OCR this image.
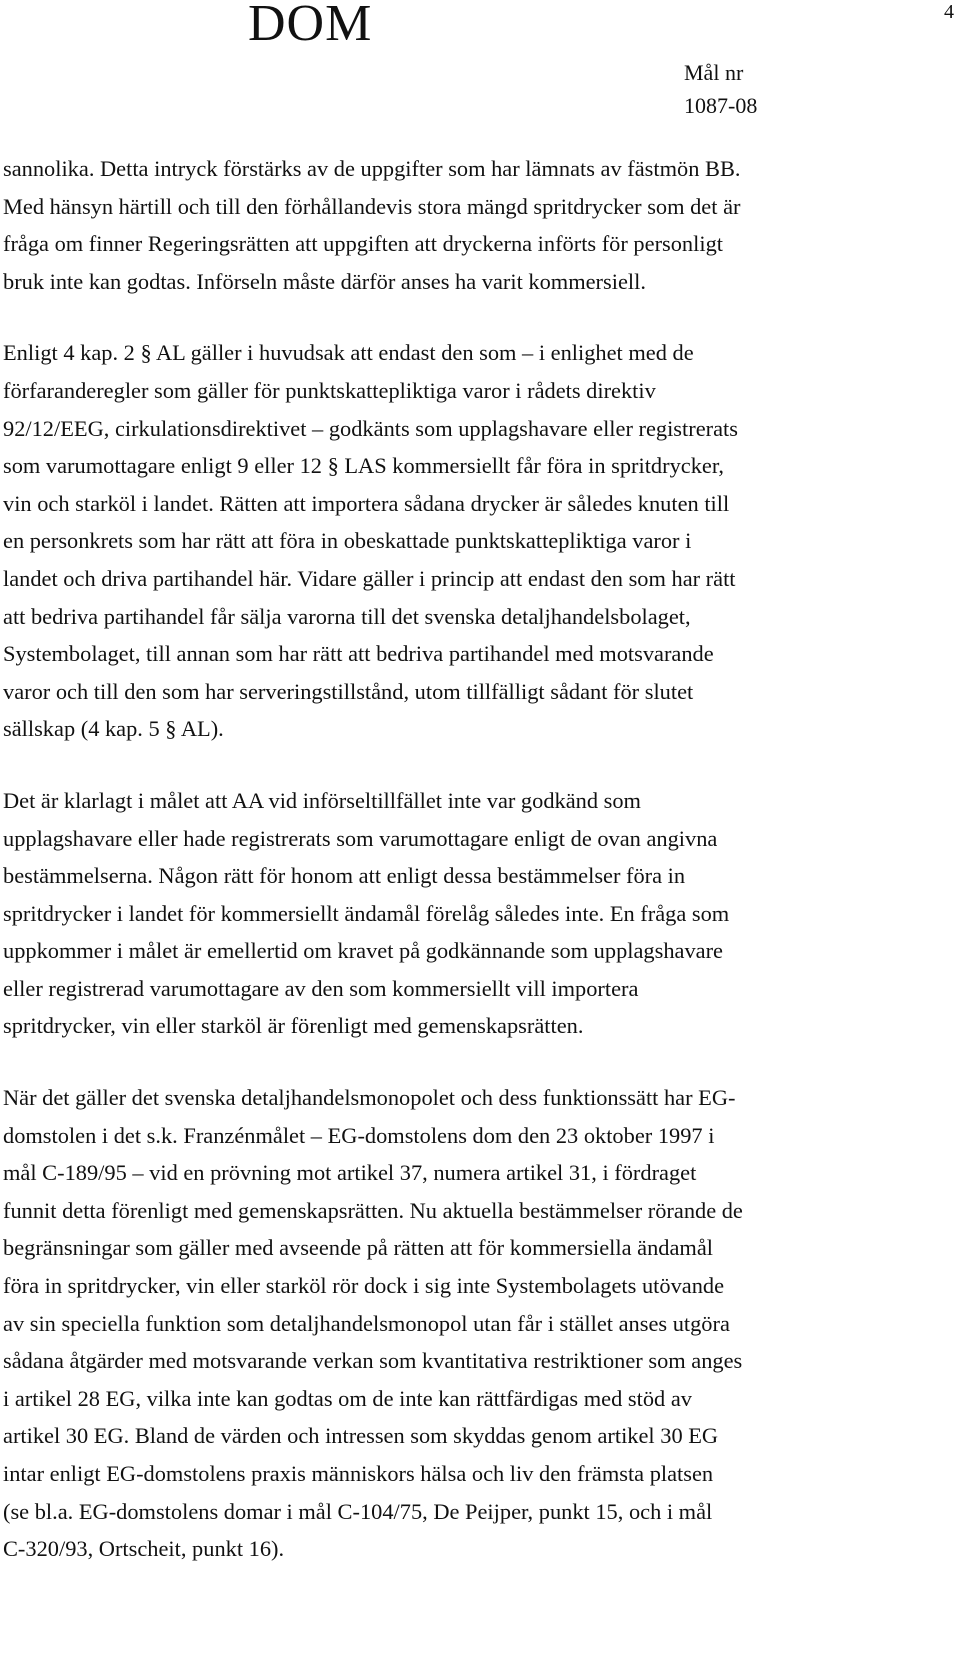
DOM	4
Mål nr
1087-08

sannolika. Detta intryck förstärks av de uppgifter som har lämnats av fästmön BB.
Med hänsyn härtill och till den förhållandevis stora mängd spritdrycker som det är
fråga om finner Regeringsrätten att uppgiften att dryckerna införts för personligt
bruk inte kan godtas. Införseln måste därför anses ha varit kommersiell.

Enligt 4 kap. 2 § AL gäller i huvudsak att endast den som – i enlighet med de
förfaranderegler som gäller för punktskattepliktiga varor i rådets direktiv
92/12/EEG, cirkulationsdirektivet – godkänts som upplagshavare eller registrerats
som varumottagare enligt 9 eller 12 § LAS kommersiellt får föra in spritdrycker,
vin och starköl i landet. Rätten att importera sådana drycker är således knuten till
en personkrets som har rätt att föra in obeskattade punktskattepliktiga varor i
landet och driva partihandel här. Vidare gäller i princip att endast den som har rätt
att bedriva partihandel får sälja varorna till det svenska detaljhandelsbolaget,
Systembolaget, till annan som har rätt att bedriva partihandel med motsvarande
varor och till den som har serveringstillstånd, utom tillfälligt sådant för slutet
sällskap (4 kap. 5 § AL).

Det är klarlagt i målet att AA vid införseltillfället inte var godkänd som
upplagshavare eller hade registrerats som varumottagare enligt de ovan angivna
bestämmelserna. Någon rätt för honom att enligt dessa bestämmelser föra in
spritdrycker i landet för kommersiellt ändamål förelåg således inte. En fråga som
uppkommer i målet är emellertid om kravet på godkännande som upplagshavare
eller registrerad varumottagare av den som kommersiellt vill importera
spritdrycker, vin eller starköl är förenligt med gemenskapsrätten.

När det gäller det svenska detaljhandelsmonopolet och dess funktionssätt har EG-
domstolen i det s.k. Franzénmålet – EG-domstolens dom den 23 oktober 1997 i
mål C-189/95 – vid en prövning mot artikel 37, numera artikel 31, i fördraget
funnit detta förenligt med gemenskapsrätten. Nu aktuella bestämmelser rörande de
begränsningar som gäller med avseende på rätten att för kommersiella ändamål
föra in spritdrycker, vin eller starköl rör dock i sig inte Systembolagets utövande
av sin speciella funktion som detaljhandelsmonopol utan får i stället anses utgöra
sådana åtgärder med motsvarande verkan som kvantitativa restriktioner som anges
i artikel 28 EG, vilka inte kan godtas om de inte kan rättfärdigas med stöd av
artikel 30 EG. Bland de värden och intressen som skyddas genom artikel 30 EG
intar enligt EG-domstolens praxis människors hälsa och liv den främsta platsen
(se bl.a. EG-domstolens domar i mål C-104/75, De Peijper, punkt 15, och i mål
C-320/93, Ortscheit, punkt 16).
